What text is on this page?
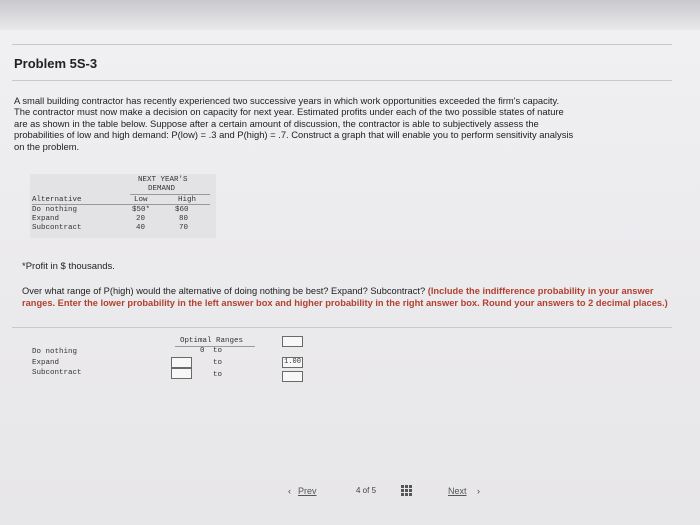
Problem 5S-3
A small building contractor has recently experienced two successive years in which work opportunities exceeded the firm's capacity.
The contractor must now make a decision on capacity for next year. Estimated profits under each of the two possible states of nature
are as shown in the table below. Suppose after a certain amount of discussion, the contractor is able to subjectively assess the
probabilities of low and high demand: P(low) = .3 and P(high) = .7. Construct a graph that will enable you to perform sensitivity analysis
on the problem.
NEXT YEAR'S
DEMAND
Alternative	Low	High
Do nothing	$50*	$60
Expand	20	80
Subcontract	40	70
*Profit in $ thousands.
Over what range of P(high) would the alternative of doing nothing be best? Expand? Subcontract? (Include the indifference probability in your answer ranges. Enter the lower probability in the left answer box and higher probability in the right answer box. Round your answers to 2 decimal places.)
Optimal Ranges
Do nothing	0 to
Expand	to	1.00
Subcontract	to
‹ Prev	4 of 5	Next ›
